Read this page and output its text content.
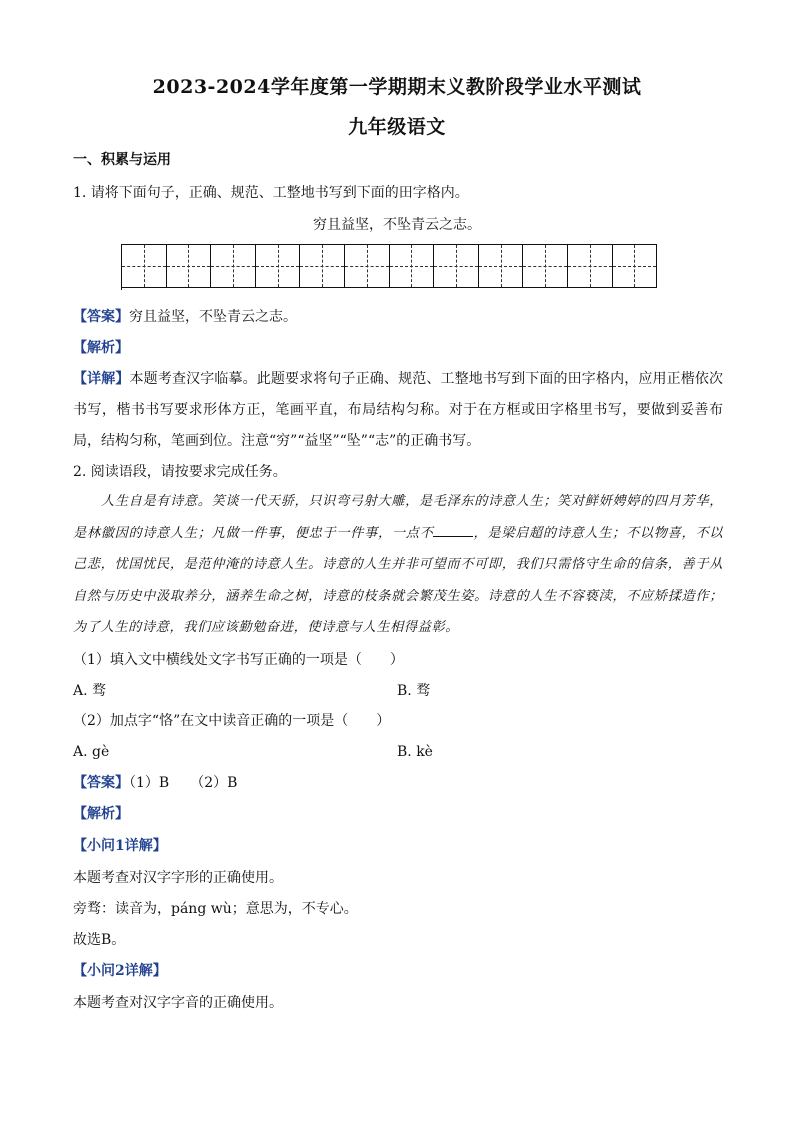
2023-2024学年度第一学期期末义教阶段学业水平测试
九年级语文
一、积累与运用
1. 请将下面句子，正确、规范、工整地书写到下面的田字格内。
穷且益坚，不坠青云之志。
【答案】穷且益坚，不坠青云之志。
【解析】
【详解】本题考查汉字临摹。此题要求将句子正确、规范、工整地书写到下面的田字格内，应用正楷依次书写，楷书书写要求形体方正，笔画平直，布局结构匀称。对于在方框或田字格里书写，要做到妥善布局，结构匀称，笔画到位。注意“穷”“益坚”“坠”“志”的正确书写。
2. 阅读语段，请按要求完成任务。
人生自是有诗意。笑谈一代天骄，只识弯弓射大雕，是毛泽东的诗意人生；笑对鲜妍娉婷的四月芳华，是林徽因的诗意人生；凡做一件事，便忠于一件事，一点不	，是梁启超的诗意人生；不以物喜，不以己悲，忧国忧民，是范仲淹的诗意人生。诗意的人生并非可望而不可即，我们只需恪守生命的信条，善于从自然与历史中汲取养分，涵养生命之树，诗意的枝条就会繁茂生姿。诗意的人生不容亵渎，不应矫揉造作；为了人生的诗意，我们应该勤勉奋进，使诗意与人生相得益彰。
（1）填入文中横线处文字书写正确的一项是（　　）
A. 骛	B. 骛
（2）加点字“恪”在文中读音正确的一项是（　　）
A. gè	B. kè
【答案】（1）B　　（2）B
【解析】
【小问1详解】
本题考查对汉字字形的正确使用。
旁骛：读音为，páng wù；意思为，不专心。
故选B。
【小问2详解】
本题考查对汉字字音的正确使用。
